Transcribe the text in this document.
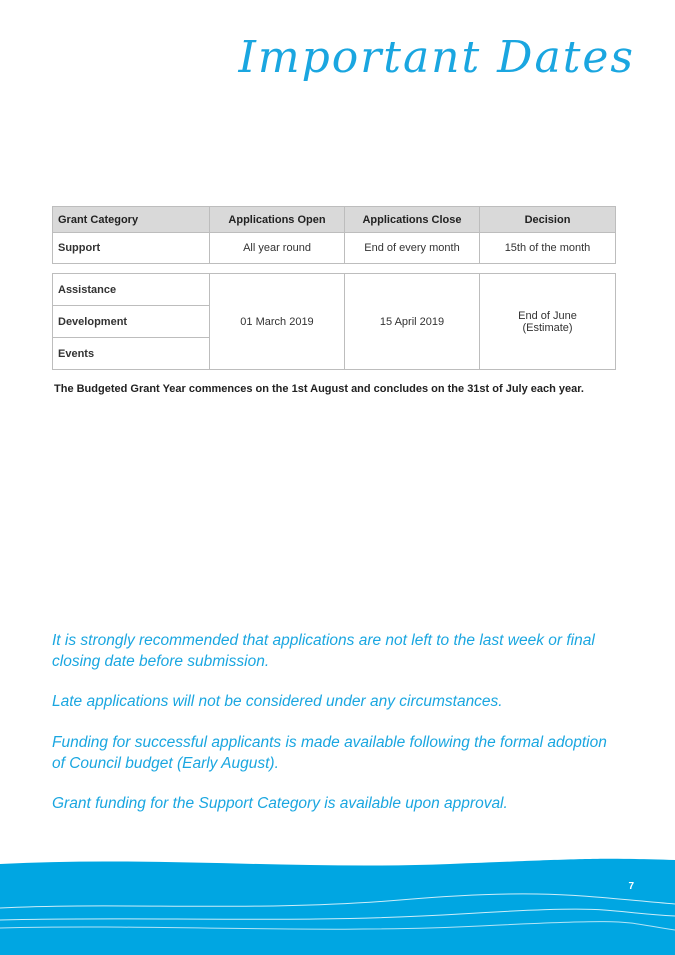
Important Dates
Grant Category	Applications Open	Applications Close	Decision
Support	All year round	End of every month	15th of the month
Assistance	01 March 2019	15 April 2019	End of June (Estimate)
Development
Events
The Budgeted Grant Year commences on the 1st August and concludes on the 31st of July each year.
It is strongly recommended that applications are not left to the last week or final closing date before submission.
Late applications will not be considered under any circumstances.
Funding for successful applicants is made available following the formal adoption of Council budget (Early August).
Grant funding for the Support Category is available upon approval.
7
